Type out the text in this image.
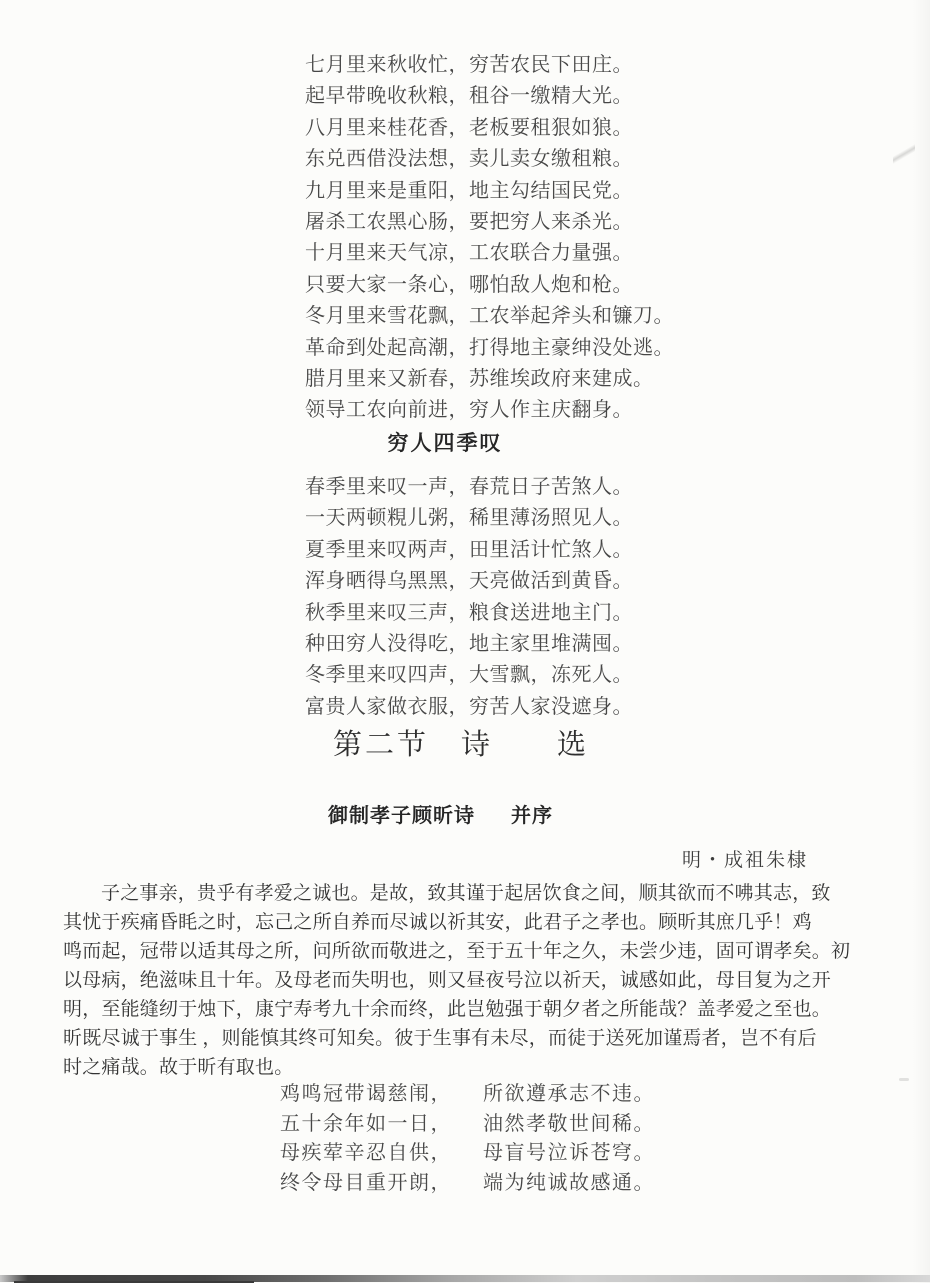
七月里来秋收忙，穷苦农民下田庄。
起早带晚收秋粮，租谷一缴精大光。
八月里来桂花香，老板要租狠如狼。
东兑西借没法想，卖儿卖女缴租粮。
九月里来是重阳，地主勾结国民党。
屠杀工农黑心肠，要把穷人来杀光。
十月里来天气凉，工农联合力量强。
只要大家一条心，哪怕敌人炮和枪。
冬月里来雪花飘，工农举起斧头和镰刀。
革命到处起高潮，打得地主豪绅没处逃。
腊月里来又新春，苏维埃政府来建成。
领导工农向前进，穷人作主庆翻身。
穷人四季叹
春季里来叹一声，春荒日子苦煞人。
一天两顿粯儿粥，稀里薄汤照见人。
夏季里来叹两声，田里活计忙煞人。
浑身晒得乌黑黑，天亮做活到黄昏。
秋季里来叹三声，粮食送进地主门。
种田穷人没得吃，地主家里堆满囤。
冬季里来叹四声，大雪飘，冻死人。
富贵人家做衣服，穷苦人家没遮身。
第二节　诗　　选
御制孝子顾昕诗 并序
明・成祖朱棣
子之事亲，贵乎有孝爱之诚也。是故，致其谨于起居饮食之间，顺其欲而不咈其志，致
其忧于疾痛昏眊之时，忘己之所自养而尽诚以祈其安，此君子之孝也。顾昕其庶几乎！鸡
鸣而起，冠带以适其母之所，问所欲而敬进之，至于五十年之久，未尝少违，固可谓孝矣。初
以母病，绝滋味且十年。及母老而失明也，则又昼夜号泣以祈天，诚感如此，母目复为之开
明，至能缝纫于烛下，康宁寿考九十余而终，此岂勉强于朝夕者之所能哉？盖孝爱之至也。
昕既尽诚于事生 ，则能慎其终可知矣。彼于生事有未尽，而徒于送死加谨焉者，岂不有后
时之痛哉。故于昕有取也。
鸡鸣冠带谒慈闱，
五十余年如一日，
母疾荤辛忍自供，
终令母目重开朗，
所欲遵承志不违。
油然孝敬世间稀。
母盲号泣诉苍穹。
端为纯诚故感通。
